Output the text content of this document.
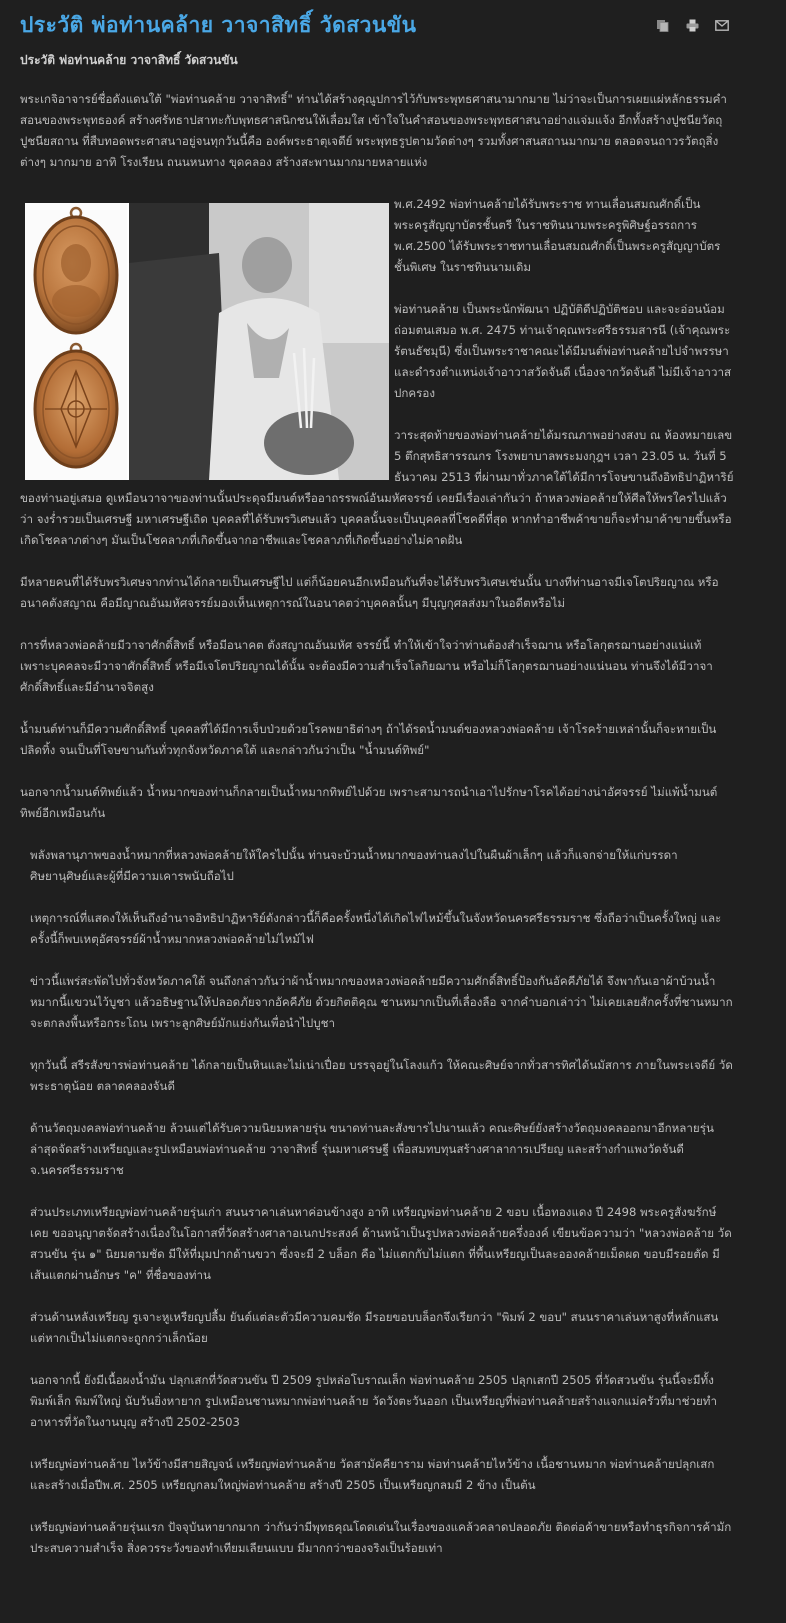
ประวัติ พ่อท่านคล้าย วาจาสิทธิ์ วัดสวนขัน
ประวัติ พ่อท่านคล้าย วาจาสิทธิ์ วัดสวนขัน

พระเกจิอาจารย์ชื่อดังแดนใต้ "พ่อท่านคล้าย วาจาสิทธิ์" ท่านได้สร้างคุณูปการไว้กับพระพุทธศาสนามากมาย ไม่ว่าจะเป็นการเผยแผ่หลักธรรมคำสอนของพระพุทธองค์ สร้างศรัทธาปสาทะกับพุทธศาสนิกชนให้เลื่อมใส เข้าใจในคำสอนของพระพุทธศาสนาอย่างแจ่มแจ้ง อีกทั้งสร้างปูชนียวัตถุ ปูชนียสถาน ที่สืบทอดพระศาสนาอยู่จนทุกวันนี้คือ องค์พระธาตุเจดีย์ พระพุทธรูปตามวัดต่างๆ รวมทั้งศาสนสถานมากมาย ตลอดจนถาวรวัตถุสิ่งต่างๆ มากมาย อาทิ โรงเรียน ถนนหนทาง ขุดคลอง สร้างสะพานมากมายหลายแห่ง

พ.ศ.2492 พ่อท่านคล้ายได้รับพระราช ทานเลื่อนสมณศักดิ์เป็นพระครูสัญญาบัตรชั้นตรี ในราชทินนามพระครูพิศิษฐ์อรรถการ พ.ศ.2500 ได้รับพระราชทานเลื่อนสมณศักดิ์เป็นพระครูสัญญาบัตรชั้นพิเศษ ในราชทินนามเดิม

พ่อท่านคล้าย เป็นพระนักพัฒนา ปฏิบัติดีปฏิบัติชอบ และจะอ่อนน้อมถ่อมตนเสมอ พ.ศ. 2475 ท่านเจ้าคุณพระศรีธรรมสารนี (เจ้าคุณพระรัตนธัชมุนี) ซึ่งเป็นพระราชาคณะได้มีมนต์พ่อท่านคล้ายไปจำพรรษาและดำรงตำแหน่งเจ้าอาวาสวัดจันดี เนื่องจากวัดจันดี ไม่มีเจ้าอาวาสปกครอง

วาระสุดท้ายของพ่อท่านคล้ายได้มรณภาพอย่างสงบ ณ ห้องหมายเลข 5 ตึกสุทธิสารรณกร โรงพยาบาลพระมงกุฎฯ เวลา 23.05 น. วันที่ 5 ธันวาคม 2513 ที่ผ่านมาทั่วภาคใต้ได้มีการโจษขานถึงอิทธิปาฏิหาริย์ของท่านอยู่เสมอ ดูเหมือนวาจาของท่านนั้นประดุจมีมนต์หรืออาถรรพณ์อันมหัศจรรย์ เคยมีเรื่องเล่ากันว่า ถ้าหลวงพ่อคล้ายให้ศีลให้พรใครไปแล้วว่า จงร่ำรวยเป็นเศรษฐี มหาเศรษฐีเถิด บุคคลที่ได้รับพรวิเศษแล้ว บุคคลนั้นจะเป็นบุคคลที่โชคดีที่สุด หากทำอาชีพค้าขายก็จะทำมาค้าขายขึ้นหรือเกิดโชคลาภต่างๆ มันเป็นโชคลาภที่เกิดขึ้นจากอาชีพและโชคลาภที่เกิดขึ้นอย่างไม่คาดฝัน

มีหลายคนที่ได้รับพรวิเศษจากท่านได้กลายเป็นเศรษฐีไป แต่ก็น้อยคนอีกเหมือนกันที่จะได้รับพรวิเศษเช่นนั้น บางทีท่านอาจมีเจโตปริยญาณ หรืออนาคตังสญาณ คือมีญาณอันมหัศจรรย์มองเห็นเหตุการณ์ในอนาคตว่าบุคคลนั้นๆ มีบุญกุศลส่งมาในอดีตหรือไม่

การที่หลวงพ่อคล้ายมีวาจาศักดิ์สิทธิ์ หรือมีอนาคต ตังสญาณอันมหัศ จรรย์นี้ ทำให้เข้าใจว่าท่านต้องสำเร็จฌาน หรือโลกุตรฌานอย่างแน่แท้ เพราะบุคคลจะมีวาจาศักดิ์สิทธิ์ หรือมีเจโตปริยญาณได้นั้น จะต้องมีความสำเร็จโลกิยฌาน หรือไม่ก็โลกุตรฌานอย่างแน่นอน ท่านจึงได้มีวาจาศักดิ์สิทธิ์และมีอำนาจจิตสูง

น้ำมนต์ท่านก็มีความศักดิ์สิทธิ์ บุคคลที่ได้มีการเจ็บป่วยด้วยโรคพยาธิต่างๆ ถ้าได้รดน้ำมนต์ของหลวงพ่อคล้าย เจ้าโรคร้ายเหล่านั้นก็จะหายเป็นปลิดทิ้ง จนเป็นที่โจษขานกันทั่วทุกจังหวัดภาคใต้ และกล่าวกันว่าเป็น "น้ำมนต์ทิพย์"

นอกจากน้ำมนต์ทิพย์แล้ว น้ำหมากของท่านก็กลายเป็นน้ำหมากทิพย์ไปด้วย เพราะสามารถนำเอาไปรักษาโรคได้อย่างน่าอัศจรรย์ ไม่แพ้น้ำมนต์ทิพย์อีกเหมือนกัน

พลังพลานุภาพของน้ำหมากที่หลวงพ่อคล้ายให้ใครไปนั้น ท่านจะบ้วนน้ำหมากของท่านลงไปในผืนผ้าเล็กๆ แล้วก็แจกจ่ายให้แก่บรรดาศิษยานุศิษย์และผู้ที่มีความเคารพนับถือไป

เหตุการณ์ที่แสดงให้เห็นถึงอำนาจอิทธิปาฏิหาริย์ดังกล่าวนี้ก็คือครั้งหนึ่งได้เกิดไฟไหม้ขึ้นในจังหวัดนครศรีธรรมราช ซึ่งถือว่าเป็นครั้งใหญ่ และครั้งนี้ก็พบเหตุอัศจรรย์ผ้าน้ำหมากหลวงพ่อคล้ายไม่ไหม้ไฟ

ข่าวนี้แพร่สะพัดไปทั่วจังหวัดภาคใต้ จนถึงกล่าวกันว่าผ้าน้ำหมากของหลวงพ่อคล้ายมีความศักดิ์สิทธิ์ป้องกันอัคคีภัยได้ จึงพากันเอาผ้าบ้วนน้ำหมากนี้แขวนไว้บูชา แล้วอธิษฐานให้ปลอดภัยจากอัคคีภัย ด้วยกิตติคุณ ชานหมากเป็นที่เลื่องลือ จากคำบอกเล่าว่า ไม่เคยเลยสักครั้งที่ชานหมากจะตกลงพื้นหรือกระโถน เพราะลูกศิษย์มักแย่งกันเพื่อนำไปบูชา

ทุกวันนี้ สรีรสังขารพ่อท่านคล้าย ได้กลายเป็นหินและไม่เน่าเปื่อย บรรจุอยู่ในโลงแก้ว ให้คณะศิษย์จากทั่วสารทิศได้นมัสการ ภายในพระเจดีย์ วัดพระธาตุน้อย ตลาดคลองจันดี

ด้านวัตถุมงคลพ่อท่านคล้าย ล้วนแต่ได้รับความนิยมหลายรุ่น ขนาดท่านละสังขารไปนานแล้ว คณะศิษย์ยังสร้างวัตถุมงคลออกมาอีกหลายรุ่น ล่าสุดจัดสร้างเหรียญและรูปเหมือนพ่อท่านคล้าย วาจาสิทธิ์ รุ่นมหาเศรษฐี เพื่อสมทบทุนสร้างศาลาการเปรียญ และสร้างกำแพงวัดจันดี จ.นครศรีธรรมราช

ส่วนประเภทเหรียญพ่อท่านคล้ายรุ่นเก่า สนนราคาเล่นหาค่อนข้างสูง อาทิ เหรียญพ่อท่านคล้าย 2 ขอบ เนื้อทองแดง ปี 2498 พระครูสังฆรักษ์เคย ขออนุญาตจัดสร้างเนื่องในโอกาสที่วัดสร้างศาลาอเนกประสงค์ ด้านหน้าเป็นรูปหลวงพ่อคล้ายครึ่งองค์ เขียนข้อความว่า "หลวงพ่อคล้าย วัดสวนขัน รุ่น ๑" นิยมตามชัด มีให้ที่มุมปากด้านขวา ซึ่งจะมี 2 บล็อก คือ ไม่แตกกับไม่แตก ที่พื้นเหรียญเป็นละอองคล้ายเม็ดผด ขอบมีรอยตัด มีเส้นแตกผ่านอักษร "ค" ที่ชื่อของท่าน

ส่วนด้านหลังเหรียญ รูเจาะหูเหรียญปลื้ม ยันต์แต่ละตัวมีความคมชัด มีรอยขอบบล็อกจึงเรียกว่า "พิมพ์ 2 ขอบ" สนนราคาเล่นหาสูงที่หลักแสน แต่หากเป็นไม่แตกจะถูกกว่าเล็กน้อย

นอกจากนี้ ยังมีเนื้อผงน้ำมัน ปลุกเสกที่วัดสวนขัน ปี 2509 รูปหล่อโบราณเล็ก พ่อท่านคล้าย 2505 ปลุกเสกปี 2505 ที่วัดสวนขัน รุ่นนี้จะมีทั้งพิมพ์เล็ก พิมพ์ใหญ่ นับวันยิ่งหายาก รูปเหมือนชานหมากพ่อท่านคล้าย วัดวังตะวันออก เป็นเหรียญที่พ่อท่านคล้ายสร้างแจกแม่ครัวที่มาช่วยทำอาหารที่วัดในงานบุญ สร้างปี 2502-2503

เหรียญพ่อท่านคล้าย ไหว้ข้างมีสายสิญจน์ เหรียญพ่อท่านคล้าย วัดสามัคคียาราม พ่อท่านคล้ายไหว้ข้าง เนื้อชานหมาก พ่อท่านคล้ายปลุกเสกและสร้างเมื่อปีพ.ศ. 2505 เหรียญกลมใหญ่พ่อท่านคล้าย สร้างปี 2505 เป็นเหรียญกลมมี 2 ข้าง เป็นต้น

เหรียญพ่อท่านคล้ายรุ่นแรก ปัจจุบันหายากมาก ว่ากันว่ามีพุทธคุณโดดเด่นในเรื่องของแคล้วคลาดปลอดภัย ติดต่อค้าขายหรือทำธุรกิจการค้ามักประสบความสำเร็จ สิ่งควรระวังของทำเทียมเลียนแบบ มีมากกว่าของจริงเป็นร้อยเท่า
